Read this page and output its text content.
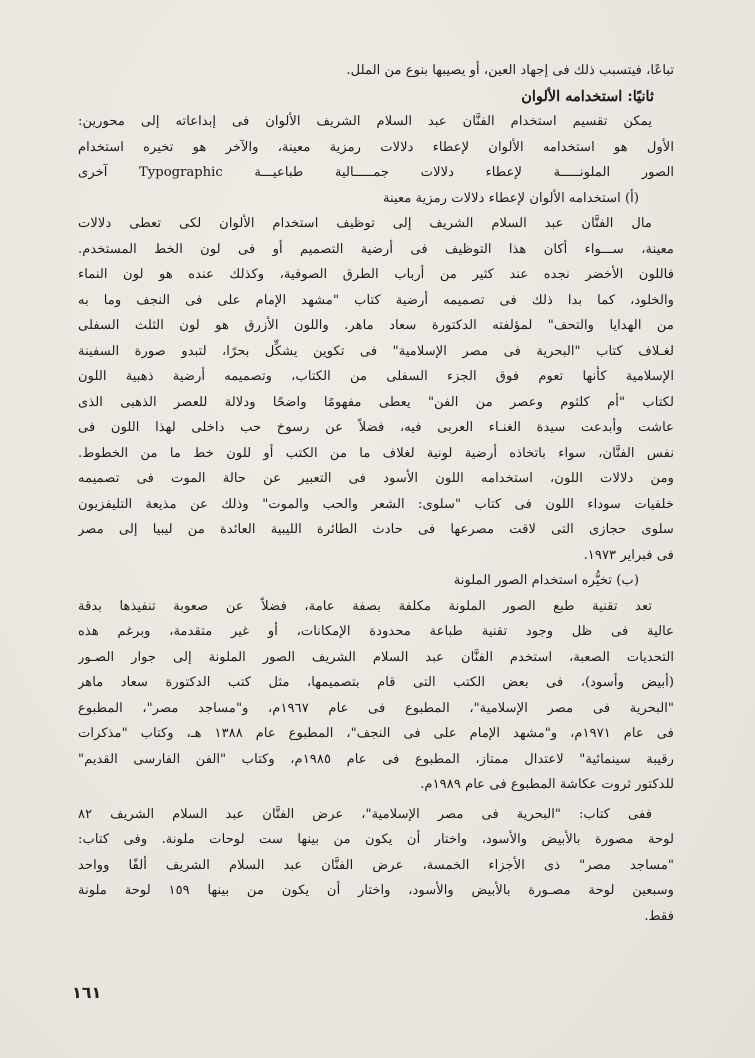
تباعًا، فيتسبب ذلك فى إجهاد العين، أو يصيبها بنوع من الملل.
ثانيًا: استخدامه الألوان
يمكن تقسيم استخدام الفنَّان عبد السلام الشريف الألوان فى إبداعاته إلى محورين:
الأول هو استخدامه الألوان لإعطاء دلالات رمزية معينة، والآخر هو تخيره استخدام
الصور الملونـــــة لإعطاء دلالات جمـــــالية طباعيـــة Typographic آخرى
(أ) استخدامه الألوان لإعطاء دلالات رمزية معينة
مال الفنَّان عبد السلام الشريف إلى توظيف استخدام الألوان لكى تعطى دلالات
معينة، ســـواء أكان هذا التوظيف فى أرضية التصميم أو فى لون الخط المستخدم.
فاللون الأخضر نجده عند كثير من أرباب الطرق الصوفية، وكذلك عنده هو لون النماء
والخلود، كما بدا ذلك فى تصميمه أرضية كتاب "مشهد الإمام على فى النجف وما به
من الهدايا والتحف" لمؤلفته الدكتورة سعاد ماهر. واللون الأزرق هو لون الثلث السفلى
لغـلاف كتاب "البحرية فى مصر الإسلامية" فى تكوين يشكِّل بحرًا، لتبدو صورة السفينة
الإسلامية كأنها تعوم فوق الجزء السفلى من الكتاب، وتصميمه أرضية ذهبية اللون
لكتاب "أم كلثوم وعصر من الفن" يعطى مفهومًا واضحًا ودلالة للعصر الذهبى الذى
عاشت وأبدعت سيدة الغنـاء العربى فيه، فضلاً عن رسوخ حب داخلى لهذا اللون فى
نفس الفنَّان، سواء باتخاذه أرضية لونية لغلاف ما من الكتب أو للون خط ما من الخطوط.
ومن دلالات اللون، استخدامه اللون الأسود فى التعبير عن حالة الموت فى تصميمه
خلفيات سوداء اللون فى كتاب "سلوى: الشعر والحب والموت" وذلك عن مذيعة التليفزيون
سلوى حجازى التى لاقت مصرعها فى حادث الطائرة الليبية العائدة من ليبيا إلى مصر
فى فبراير ١٩٧٣.
(ب) تخيُّره استخدام الصور الملونة
تعد تقنية طبع الصور الملونة مكلفة بصفة عامة، فضلاً عن صعوبة تنفيذها بدقة
عالية فى ظل وجود تقنية طباعة محدودة الإمكانات، أو غير متقدمة، وبرغم هذه
التحديات الصعبة، استخدم الفنَّان عبد السلام الشريف الصور الملونة إلى جوار الصـور
(أبيض وأسود)، فى بعض الكتب التى قام بتصميمها، مثل كتب الدكتورة سعاد ماهر
"البحرية فى مصر الإسلامية"، المطبوع فى عام ١٩٦٧م، و"مساجد مصر"، المطبوع
فى عام ١٩٧١م، و"مشهد الإمام على فى النجف"، المطبوع عام ١٣٨٨ هـ، وكتاب "مذكرات
رقيبة سينمائية" لاعتدال ممتاز، المطبوع فى عام ١٩٨٥م، وكتاب "الفن الفارسى القديم"
للدكتور ثروت عكاشة المطبوع فى عام ١٩٨٩م.
ففى كتاب: "البحرية فى مصر الإسلامية"، عرض الفنَّان عبد السلام الشريف ٨٢
لوحة مصورة بالأبيض والأسود، واختار أن يكون من بينها ست لوحات ملونة. وفى كتاب:
"مساجد مصر" ذى الأجزاء الخمسة، عرض الفنَّان عبد السلام الشريف ألفًا وواحد
وسبعين لوحة مصـورة بالأبيض والأسود، واختار أن يكون من بينها ١٥٩ لوحة ملونة
فقط.
١٦١
